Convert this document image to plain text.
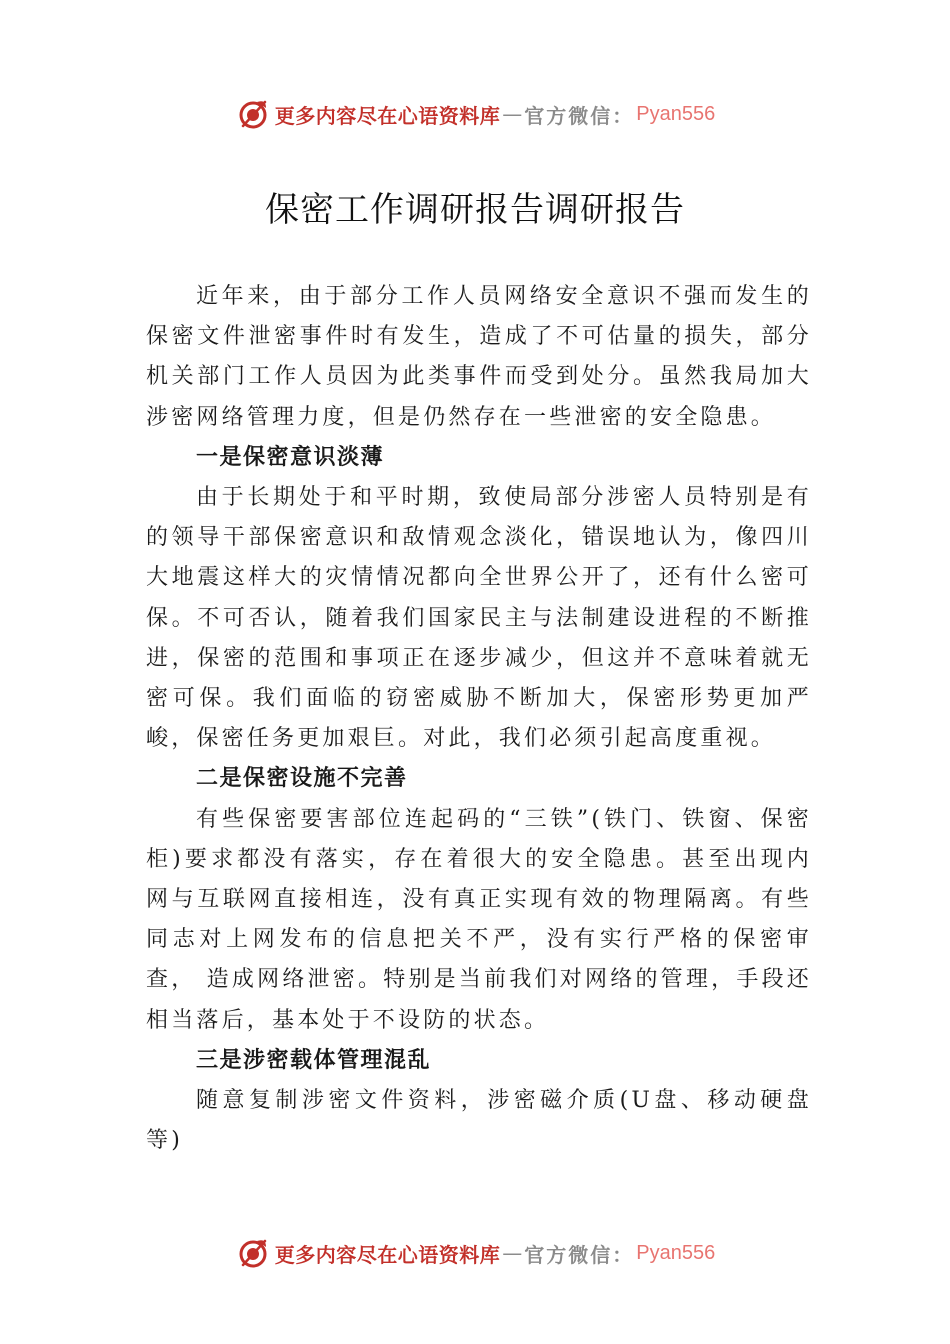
更多内容尽在心语资料库 — 官方微信： Pyan556
保密工作调研报告调研报告

近年来，由于部分工作人员网络安全意识不强而发生的保密文件泄密事件时有发生，造成了不可估量的损失，部分机关部门工作人员因为此类事件而受到处分。虽然我局加大涉密网络管理力度，但是仍然存在一些泄密的安全隐患。

一是保密意识淡薄

由于长期处于和平时期，致使局部分涉密人员特别是有的领导干部保密意识和敌情观念淡化，错误地认为，像四川大地震这样大的灾情情况都向全世界公开了，还有什么密可保。不可否认，随着我们国家民主与法制建设进程的不断推进，保密的范围和事项正在逐步减少，但这并不意味着就无密可保。我们面临的窃密威胁不断加大，保密形势更加严峻，保密任务更加艰巨。对此，我们必须引起高度重视。

二是保密设施不完善

有些保密要害部位连起码的“三铁”(铁门、铁窗、保密柜)要求都没有落实，存在着很大的安全隐患。甚至出现内网与互联网直接相连，没有真正实现有效的物理隔离。有些同志对上网发布的信息把关不严，没有实行严格的保密审查， 造成网络泄密。特别是当前我们对网络的管理，手段还相当落后，基本处于不设防的状态。

三是涉密载体管理混乱

随意复制涉密文件资料，涉密磁介质(U盘、移动硬盘等)

更多内容尽在心语资料库 — 官方微信： Pyan556
